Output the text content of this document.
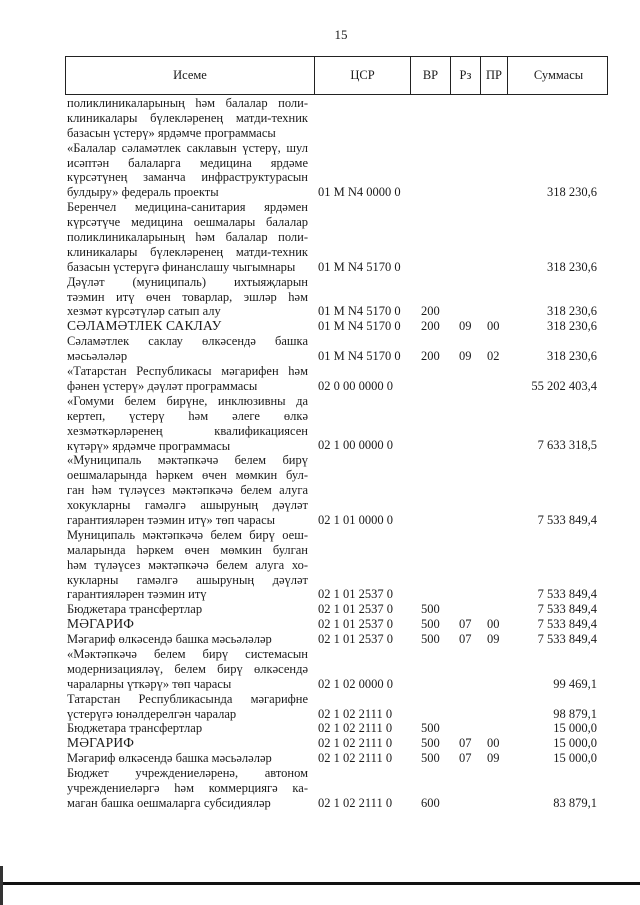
15
Исеме	ЦСР	ВР	Рз	ПР	Суммасы
поликлиникаларының һәм балалар поли-
клиникалары бүлекләренең матди-техник
базасын үстерү» ярдәмче программасы
«Балалар сәламәтлек саклавын үстерү, шул
исәптән балаларга медицина ярдәме
күрсәтүнең заманча инфраструктурасын
булдыру» федераль проекты	01 M N4 0000 0	318 230,6
Беренчел медицина-санитария ярдәмен
күрсәтүче медицина оешмалары балалар
поликлиникаларының һәм балалар поли-
клиникалары бүлекләренең матди-техник
базасын үстерүгә финанслашу чыгымнары	01 M N4 5170 0	318 230,6
Дәүләт (муниципаль) ихтыяҗларын
тәэмин итү өчен товарлар, эшләр һәм
хезмәт күрсәтүләр сатып алу	01 M N4 5170 0	200	318 230,6
СӘЛАМӘТЛЕК САКЛАУ	01 M N4 5170 0	200	09	00	318 230,6
Сәламәтлек саклау өлкәсендә башка
мәсьәләләр	01 M N4 5170 0	200	09	02	318 230,6
«Татарстан Республикасы мәгарифен һәм
фәнен үстерү» дәүләт программасы	02 0 00 0000 0	55 202 403,4
«Гомуми белем бирүне, инклюзивны да
кертеп, үстерү һәм әлеге өлкә
хезмәткәрләренең квалификациясен
күтәрү» ярдәмче программасы	02 1 00 0000 0	7 633 318,5
«Муниципаль мәктәпкәчә белем бирү
оешмаларында һәркем өчен мөмкин бул-
ган һәм түләүсез мәктәпкәчә белем алуга
хокукларны гамәлгә ашыруның дәүләт
гарантияләрен тәэмин итү» төп чарасы	02 1 01 0000 0	7 533 849,4
Муниципаль мәктәпкәчә белем бирү оеш-
маларында һәркем өчен мөмкин булган
һәм түләүсез мәктәпкәчә белем алуга хо-
кукларны гамәлгә ашыруның дәүләт
гарантияләрен тәэмин итү	02 1 01 2537 0	7 533 849,4
Бюджетара трансфертлар	02 1 01 2537 0	500	7 533 849,4
МӘГАРИФ	02 1 01 2537 0	500	07	00	7 533 849,4
Мәгариф өлкәсендә башка мәсьәләләр	02 1 01 2537 0	500	07	09	7 533 849,4
«Мәктәпкәчә белем бирү системасын
модернизацияләү, белем бирү өлкәсендә
чараларны үткәрү» төп чарасы	02 1 02 0000 0	99 469,1
Татарстан Республикасында мәгарифне
үстерүгә юнәлдерелгән чаралар	02 1 02 2111 0	98 879,1
Бюджетара трансфертлар	02 1 02 2111 0	500	15 000,0
МӘГАРИФ	02 1 02 2111 0	500	07	00	15 000,0
Мәгариф өлкәсендә башка мәсьәләләр	02 1 02 2111 0	500	07	09	15 000,0
Бюджет учреждениеләренә, автоном
учреждениеләргә һәм коммерциягә ка-
маган башка оешмаларга субсидияләр	02 1 02 2111 0	600	83 879,1
